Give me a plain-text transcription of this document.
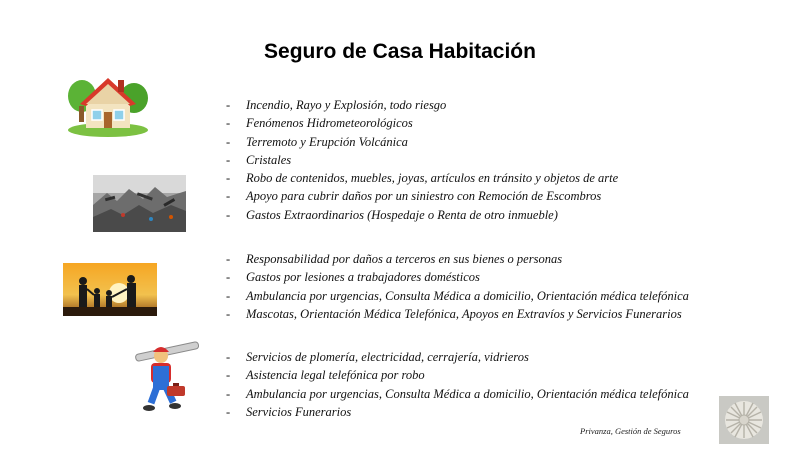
Seguro de Casa Habitación
- Incendio, Rayo y Explosión, todo riesgo
- Fenómenos Hidrometeorológicos
- Terremoto y Erupción Volcánica
- Cristales
- Robo de contenidos, muebles, joyas, artículos en tránsito y objetos de arte
- Apoyo para cubrir daños por un siniestro con Remoción de Escombros
- Gastos Extraordinarios (Hospedaje o Renta de otro inmueble)
- Responsabilidad por daños a terceros en sus bienes o personas
- Gastos por lesiones a trabajadores domésticos
- Ambulancia por urgencias, Consulta Médica a domicilio, Orientación médica telefónica
- Mascotas, Orientación Médica Telefónica, Apoyos en Extravíos y Servicios Funerarios
- Servicios de plomería, electricidad, cerrajería, vidrieros
- Asistencia legal telefónica por robo
- Ambulancia por urgencias, Consulta Médica a domicilio, Orientación médica telefónica
- Servicios Funerarios
Privanza, Gestión de Seguros
